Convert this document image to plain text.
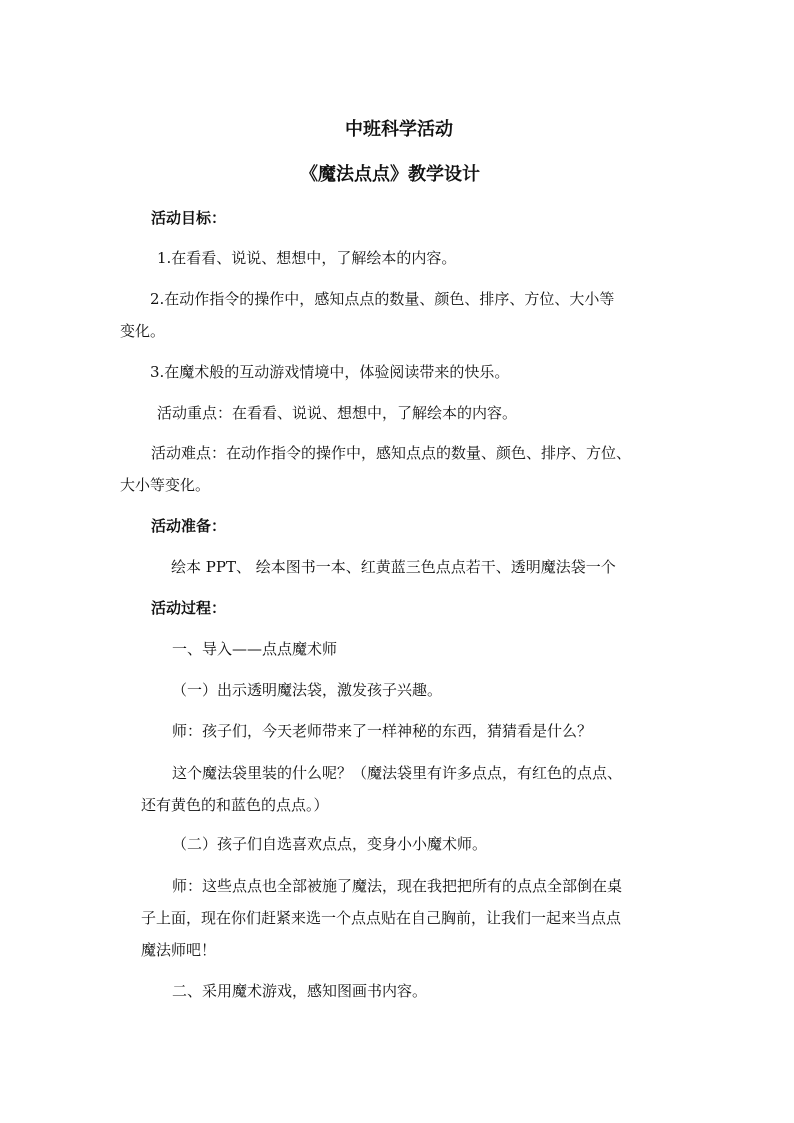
中班科学活动
《魔法点点》教学设计
活动目标：
1.在看看、说说、想想中，了解绘本的内容。
2.在动作指令的操作中，感知点点的数量、颜色、排序、方位、大小等
变化。
3.在魔术般的互动游戏情境中，体验阅读带来的快乐。
活动重点：在看看、说说、想想中，了解绘本的内容。
活动难点：在动作指令的操作中，感知点点的数量、颜色、排序、方位、
大小等变化。
活动准备：
绘本 PPT、 绘本图书一本、红黄蓝三色点点若干、透明魔法袋一个
活动过程：
一、导入——点点魔术师
（一）出示透明魔法袋，激发孩子兴趣。
师：孩子们，今天老师带来了一样神秘的东西，猜猜看是什么？
这个魔法袋里装的什么呢？（魔法袋里有许多点点，有红色的点点、
还有黄色的和蓝色的点点。）
（二）孩子们自选喜欢点点，变身小小魔术师。
师：这些点点也全部被施了魔法，现在我把把所有的点点全部倒在桌
子上面，现在你们赶紧来选一个点点贴在自己胸前，让我们一起来当点点
魔法师吧！
二、采用魔术游戏，感知图画书内容。
